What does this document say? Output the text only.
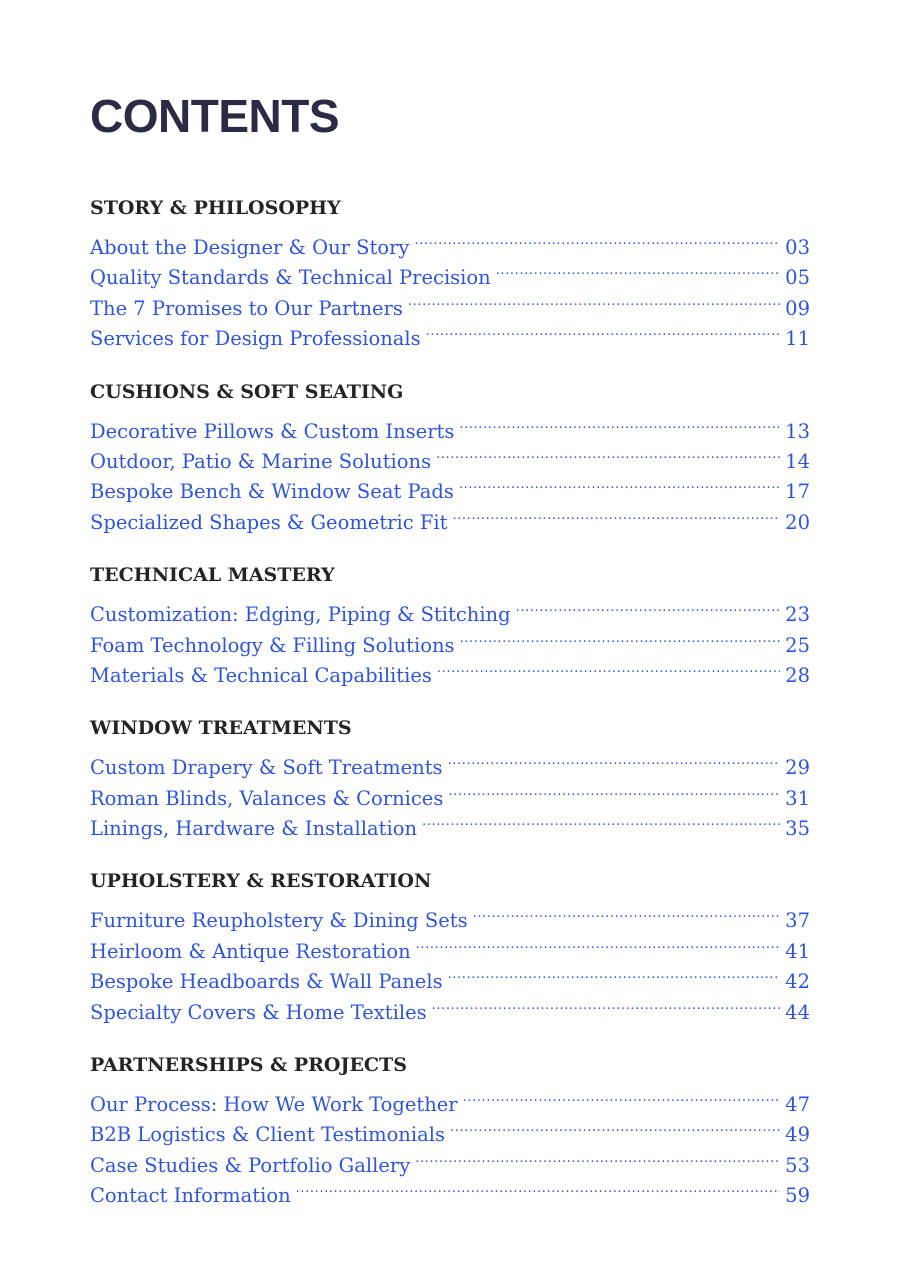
CONTENTS
STORY & PHILOSOPHY
About the Designer & Our Story .....	03
Quality Standards & Technical Precision .....	05
The 7 Promises to Our Partners .....	09
Services for Design Professionals .....	11
CUSHIONS & SOFT SEATING
Decorative Pillows & Custom Inserts .....	13
Outdoor, Patio & Marine Solutions .....	14
Bespoke Bench & Window Seat Pads .....	17
Specialized Shapes & Geometric Fit .....	20
TECHNICAL MASTERY
Customization: Edging, Piping & Stitching .....	23
Foam Technology & Filling Solutions .....	25
Materials & Technical Capabilities .....	28
WINDOW TREATMENTS
Custom Drapery & Soft Treatments .....	29
Roman Blinds, Valances & Cornices .....	31
Linings, Hardware & Installation .....	35
UPHOLSTERY & RESTORATION
Furniture Reupholstery & Dining Sets .....	37
Heirloom & Antique Restoration .....	41
Bespoke Headboards & Wall Panels .....	42
Specialty Covers & Home Textiles .....	44
PARTNERSHIPS & PROJECTS
Our Process: How We Work Together .....	47
B2B Logistics & Client Testimonials .....	49
Case Studies & Portfolio Gallery .....	53
Contact Information .....	59
